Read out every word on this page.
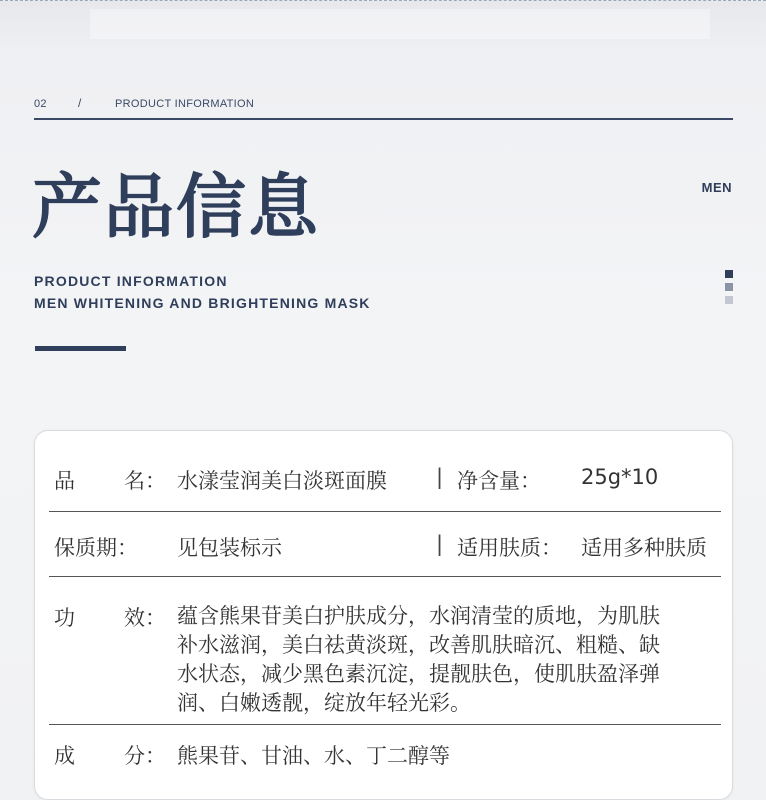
02	/	PRODUCT INFORMATION
产品信息	MEN
PRODUCT INFORMATION
MEN WHITENING AND BRIGHTENING MASK
品 名： 水漾莹润美白淡斑面膜 | 净含量： 25g*10
保质期： 见包装标示	| 适用肤质： 适用多种肤质
功 效： 蕴含熊果苷美白护肤成分，水润清莹的质地，为肌肤
补水滋润，美白祛黄淡斑，改善肌肤暗沉、粗糙、缺
水状态，减少黑色素沉淀，提靓肤色，使肌肤盈泽弹
润、白嫩透靓，绽放年轻光彩。
成 分： 熊果苷、甘油、水、丁二醇等
